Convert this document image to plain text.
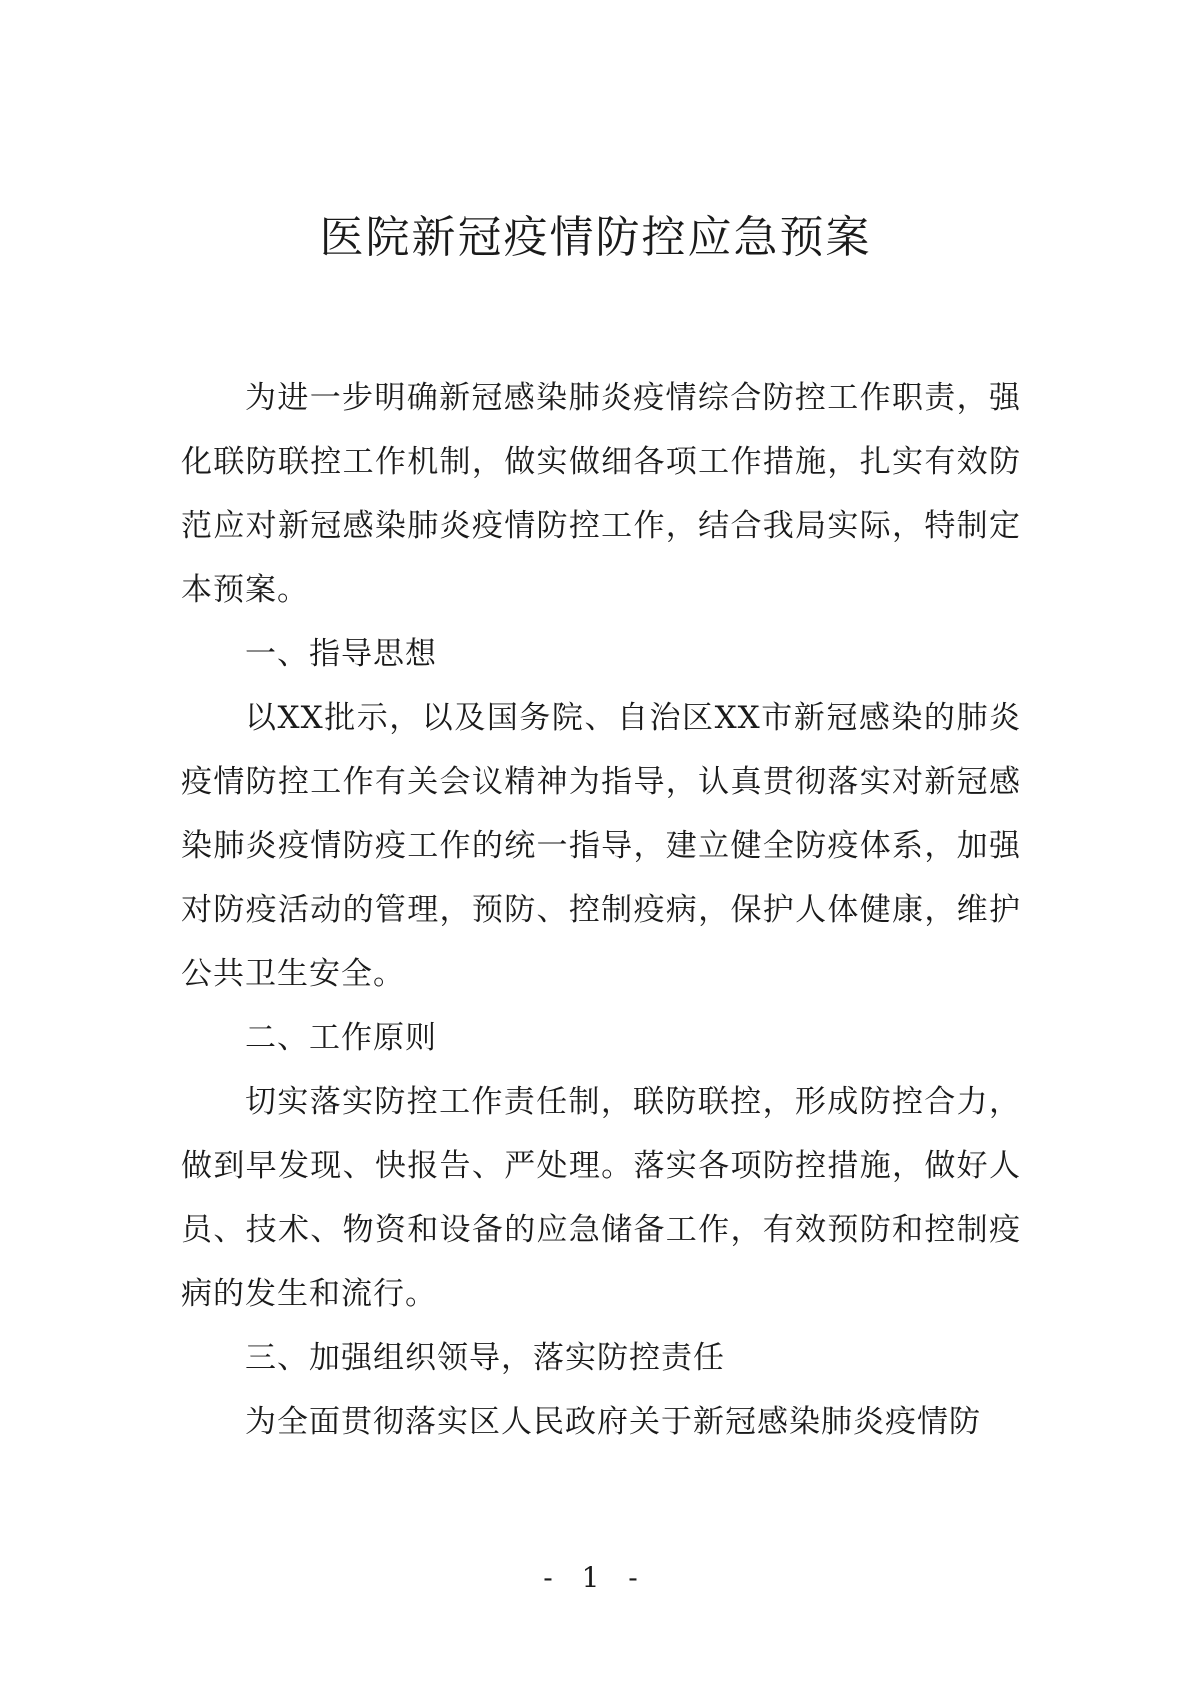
医院新冠疫情防控应急预案

为进一步明确新冠感染肺炎疫情综合防控工作职责，强化联防联控工作机制，做实做细各项工作措施，扎实有效防范应对新冠感染肺炎疫情防控工作，结合我局实际，特制定本预案。

一、指导思想

以XX批示，以及国务院、自治区XX市新冠感染的肺炎疫情防控工作有关会议精神为指导，认真贯彻落实对新冠感染肺炎疫情防疫工作的统一指导，建立健全防疫体系，加强对防疫活动的管理，预防、控制疫病，保护人体健康，维护公共卫生安全。

二、工作原则

切实落实防控工作责任制，联防联控，形成防控合力，做到早发现、快报告、严处理。落实各项防控措施，做好人员、技术、物资和设备的应急储备工作，有效预防和控制疫病的发生和流行。

三、加强组织领导，落实防控责任

为全面贯彻落实区人民政府关于新冠感染肺炎疫情防

- 1 -
